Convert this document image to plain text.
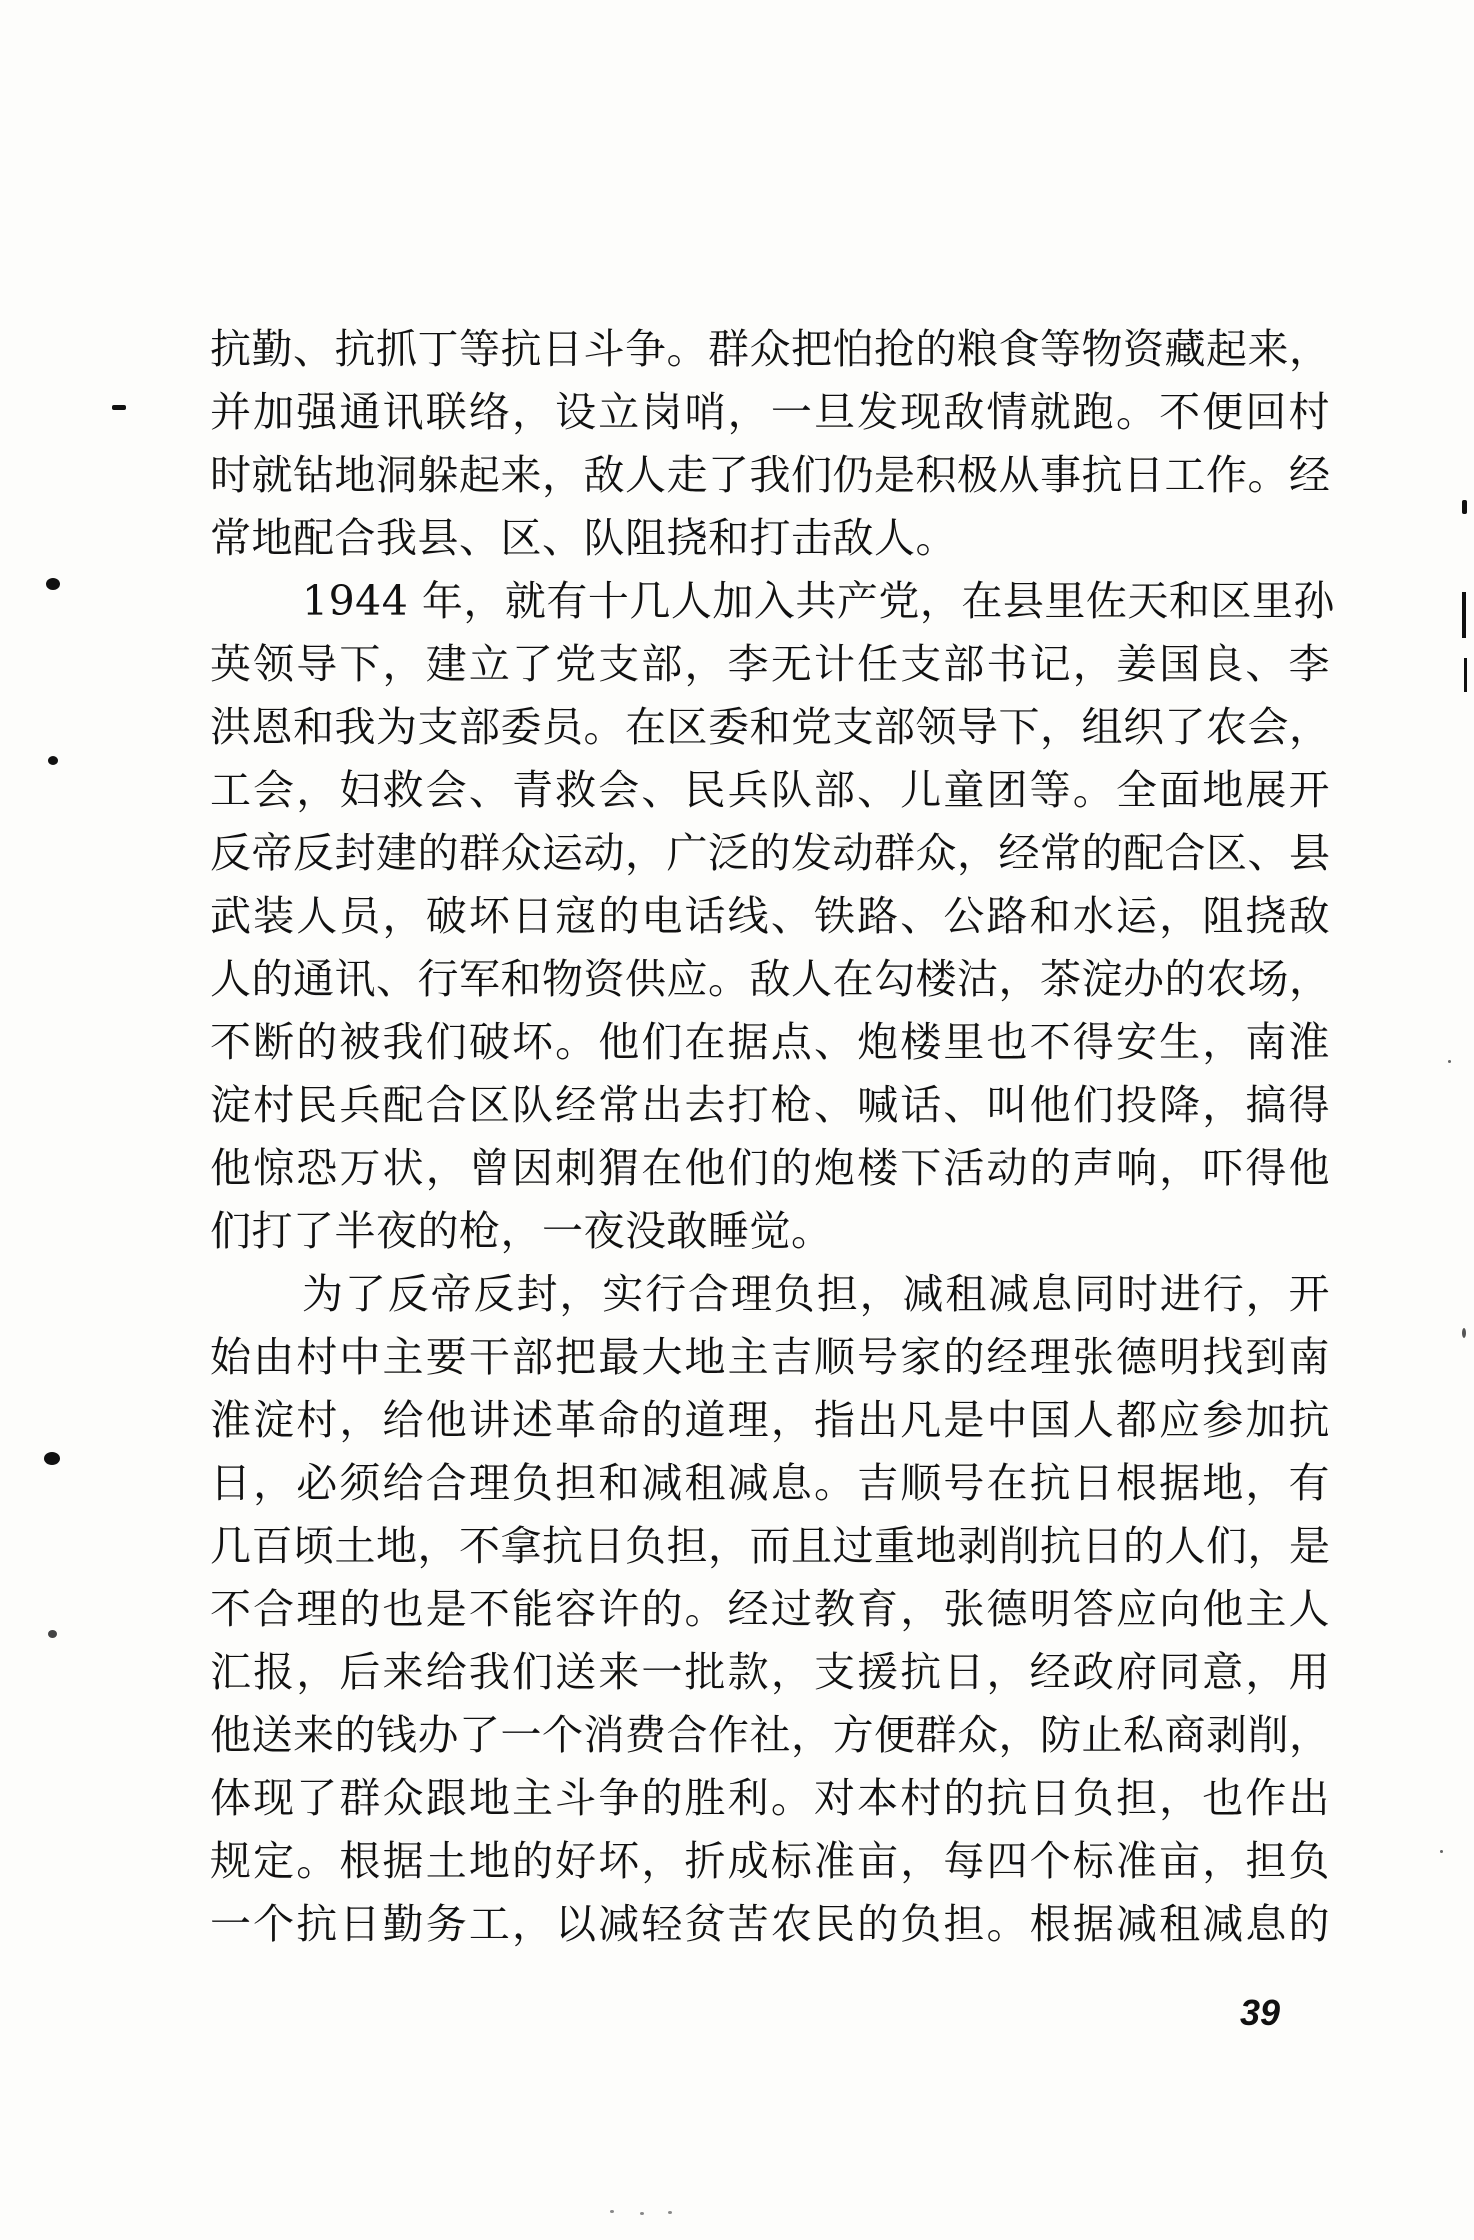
抗勤、抗抓丁等抗日斗争。群众把怕抢的粮食等物资藏起来，
并加强通讯联络，设立岗哨，一旦发现敌情就跑。不便回村
时就钻地洞躲起来，敌人走了我们仍是积极从事抗日工作。经
常地配合我县、区、队阻挠和打击敌人。
1944 年，就有十几人加入共产党，在县里佐天和区里孙
英领导下，建立了党支部，李无计任支部书记，姜国良、李
洪恩和我为支部委员。在区委和党支部领导下，组织了农会，
工会，妇救会、青救会、民兵队部、儿童团等。全面地展开
反帝反封建的群众运动，广泛的发动群众，经常的配合区、县
武装人员，破坏日寇的电话线、铁路、公路和水运，阻挠敌
人的通讯、行军和物资供应。敌人在勾楼沽，茶淀办的农场，
不断的被我们破坏。他们在据点、炮楼里也不得安生，南淮
淀村民兵配合区队经常出去打枪、喊话、叫他们投降，搞得
他惊恐万状，曾因刺猬在他们的炮楼下活动的声响，吓得他
们打了半夜的枪，一夜没敢睡觉。
为了反帝反封，实行合理负担，减租减息同时进行，开
始由村中主要干部把最大地主吉顺号家的经理张德明找到南
淮淀村，给他讲述革命的道理，指出凡是中国人都应参加抗
日，必须给合理负担和减租减息。吉顺号在抗日根据地，有
几百顷土地，不拿抗日负担，而且过重地剥削抗日的人们，是
不合理的也是不能容许的。经过教育，张德明答应向他主人
汇报，后来给我们送来一批款，支援抗日，经政府同意，用
他送来的钱办了一个消费合作社，方便群众，防止私商剥削，
体现了群众跟地主斗争的胜利。对本村的抗日负担，也作出
规定。根据土地的好坏，折成标准亩，每四个标准亩，担负
一个抗日勤务工，以减轻贫苦农民的负担。根据减租减息的
39
